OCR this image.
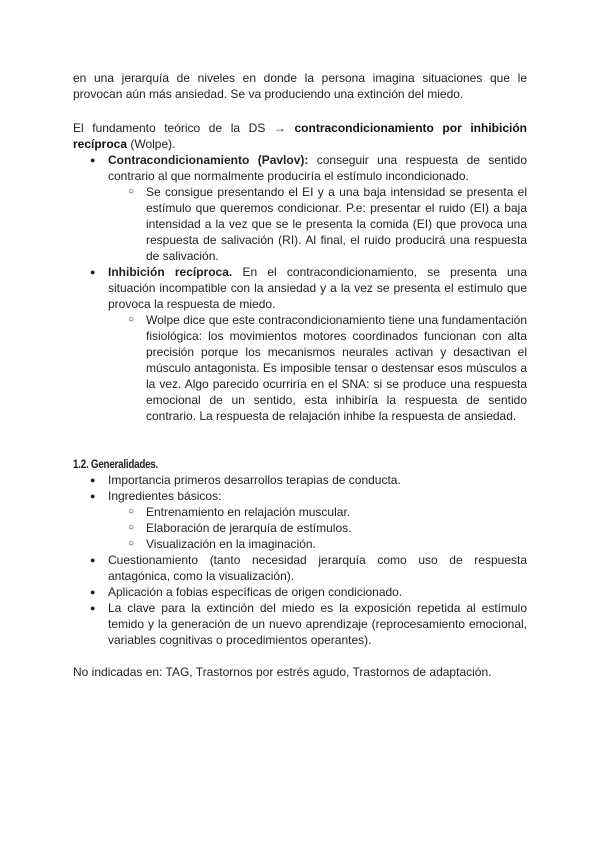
en una jerarquía de niveles en donde la persona imagina situaciones que le provocan aún más ansiedad. Se va produciendo una extinción del miedo.

El fundamento teórico de la DS → contracondicionamiento por inhibición recíproca (Wolpe).

● Contracondicionamiento (Pavlov): conseguir una respuesta de sentido contrario al que normalmente produciría el estímulo incondicionado.

○ Se consigue presentando el EI y a una baja intensidad se presenta el estímulo que queremos condicionar. P.e: presentar el ruido (EI) a baja intensidad a la vez que se le presenta la comida (EI) que provoca una respuesta de salivación (RI). Al final, el ruido producirá una respuesta de salivación.

● Inhibición recíproca. En el contracondicionamiento, se presenta una situación incompatible con la ansiedad y a la vez se presenta el estímulo que provoca la respuesta de miedo.

○ Wolpe dice que este contracondicionamiento tiene una fundamentación fisiológica: los movimientos motores coordinados funcionan con alta precisión porque los mecanismos neurales activan y desactivan el músculo antagonista. Es imposible tensar o destensar esos músculos a la vez. Algo parecido ocurriría en el SNA: si se produce una respuesta emocional de un sentido, esta inhibiría la respuesta de sentido contrario. La respuesta de relajación inhibe la respuesta de ansiedad.

1.2. Generalidades.

● Importancia primeros desarrollos terapias de conducta.

● Ingredientes básicos:

○ Entrenamiento en relajación muscular.

○ Elaboración de jerarquía de estímulos.

○ Visualización en la imaginación.

● Cuestionamiento (tanto necesidad jerarquía como uso de respuesta antagónica, como la visualización).

● Aplicación a fobias específicas de origen condicionado.

● La clave para la extinción del miedo es la exposición repetida al estímulo temido y la generación de un nuevo aprendizaje (reprocesamiento emocional, variables cognitivas o procedimientos operantes).

No indicadas en: TAG, Trastornos por estrés agudo, Trastornos de adaptación.
